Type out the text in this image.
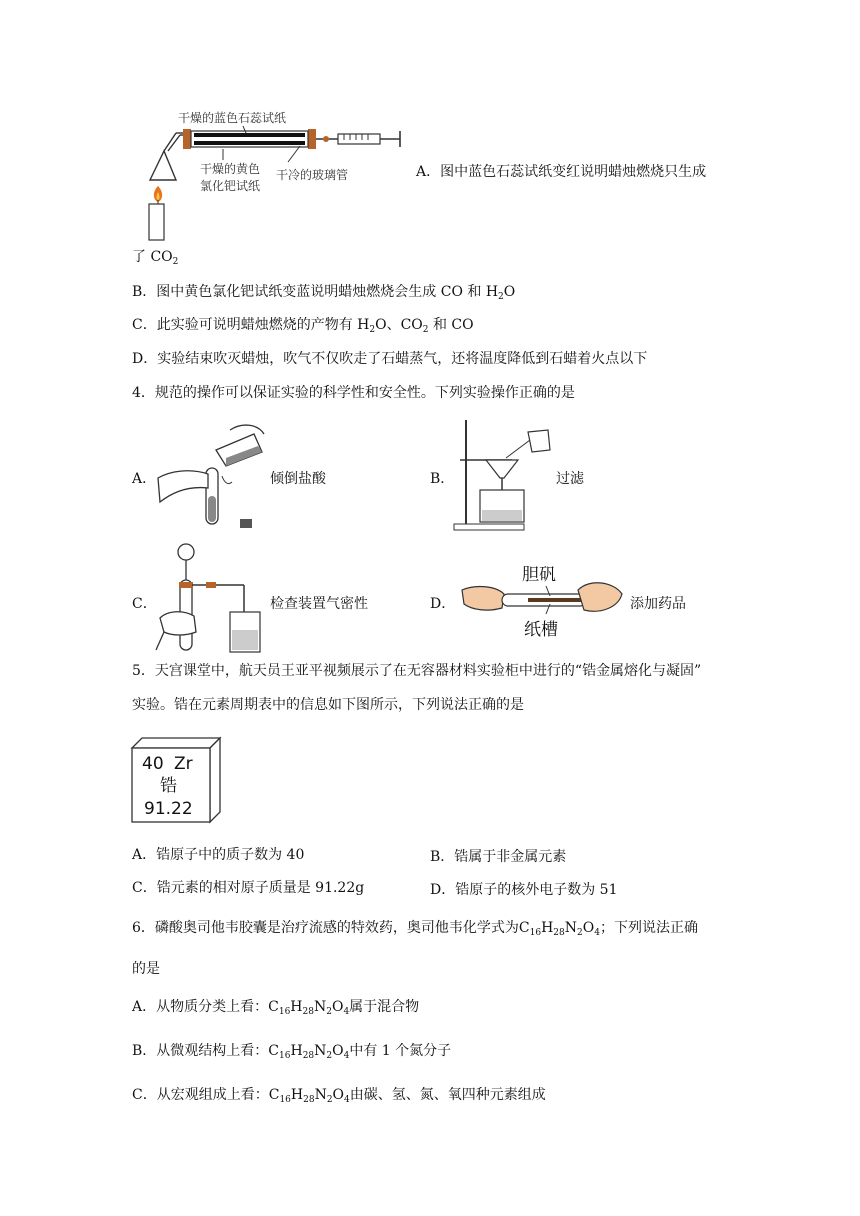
干燥的蓝色石蕊试纸
干燥的黄色
氯化钯试纸
干冷的玻璃管	A．图中蓝色石蕊试纸变红说明蜡烛燃烧只生成
了 $CO_2$
B．图中黄色氯化钯试纸变蓝说明蜡烛燃烧会生成 CO 和 $H_2O$
C．此实验可说明蜡烛燃烧的产物有 $H_2O$、$CO_2$ 和 CO
D．实验结束吹灭蜡烛，吹气不仅吹走了石蜡蒸气，还将温度降低到石蜡着火点以下
4．规范的操作可以保证实验的科学性和安全性。下列实验操作正确的是
A．	倾倒盐酸	B．	过滤
C．	检查装置气密性	D．
胆矾
纸槽
添加药品
5．天宫课堂中，航天员王亚平视频展示了在无容器材料实验柜中进行的“锆金属熔化与凝固”
实验。锆在元素周期表中的信息如下图所示，下列说法正确的是
40 Zr
锆
91.22
A．锆原子中的质子数为 40	B．锆属于非金属元素
C．锆元素的相对原子质量是 91.22g	D．锆原子的核外电子数为 51
6．磷酸奥司他韦胶囊是治疗流感的特效药，奥司他韦化学式为$C_{16}H_{28}N_2O_4$；下列说法正确
的是
A．从物质分类上看：$C_{16}H_{28}N_2O_4$属于混合物
B．从微观结构上看：$C_{16}H_{28}N_2O_4$中有 1 个氮分子
C．从宏观组成上看：$C_{16}H_{28}N_2O_4$由碳、氢、氮、氧四种元素组成
